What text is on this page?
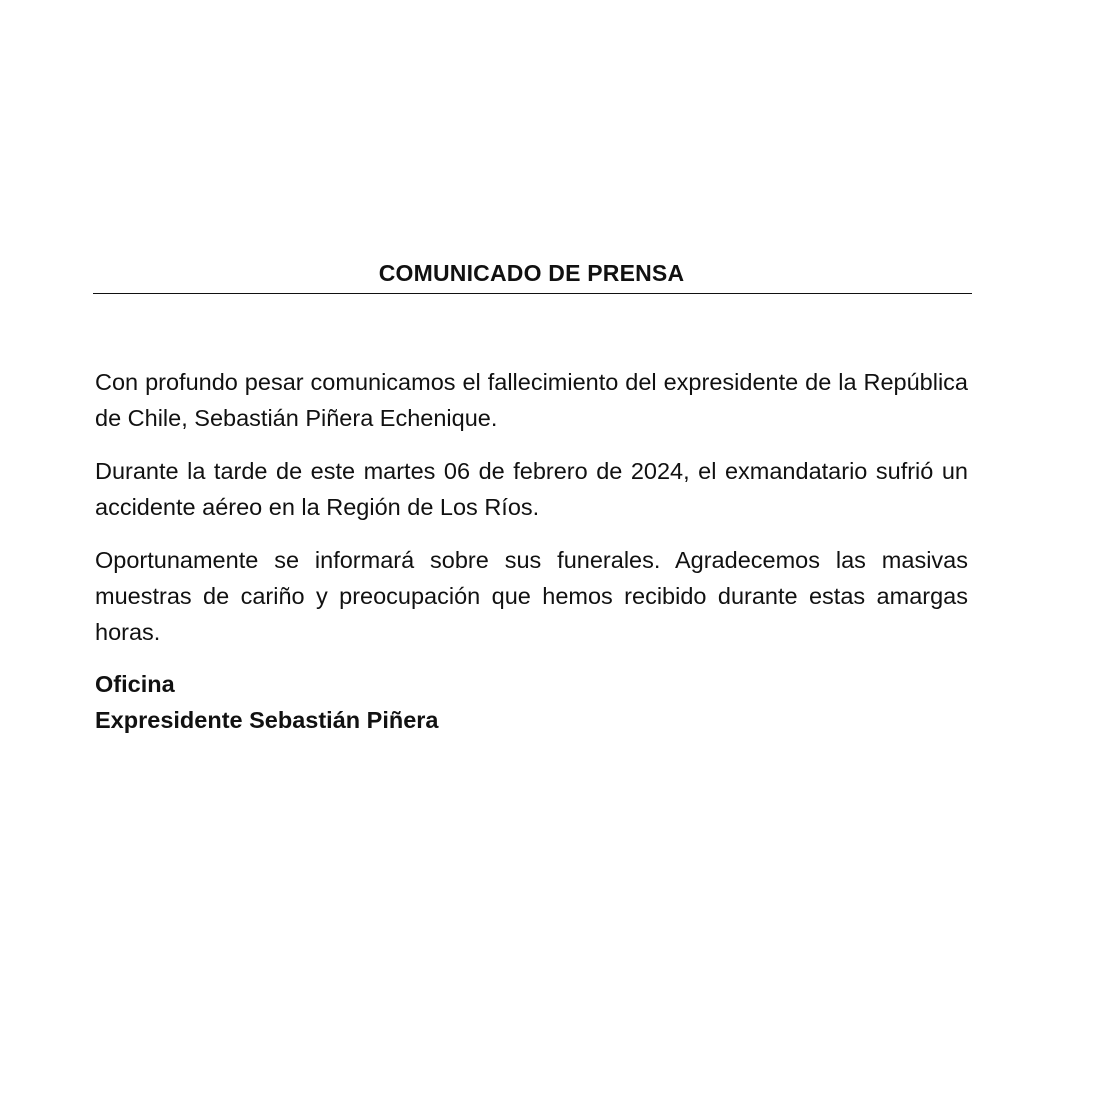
COMUNICADO DE PRENSA

Con profundo pesar comunicamos el fallecimiento del expresidente de la República de Chile, Sebastián Piñera Echenique.

Durante la tarde de este martes 06 de febrero de 2024, el exmandatario sufrió un accidente aéreo en la Región de Los Ríos.

Oportunamente se informará sobre sus funerales. Agradecemos las masivas muestras de cariño y preocupación que hemos recibido durante estas amargas horas.

Oficina
Expresidente Sebastián Piñera
